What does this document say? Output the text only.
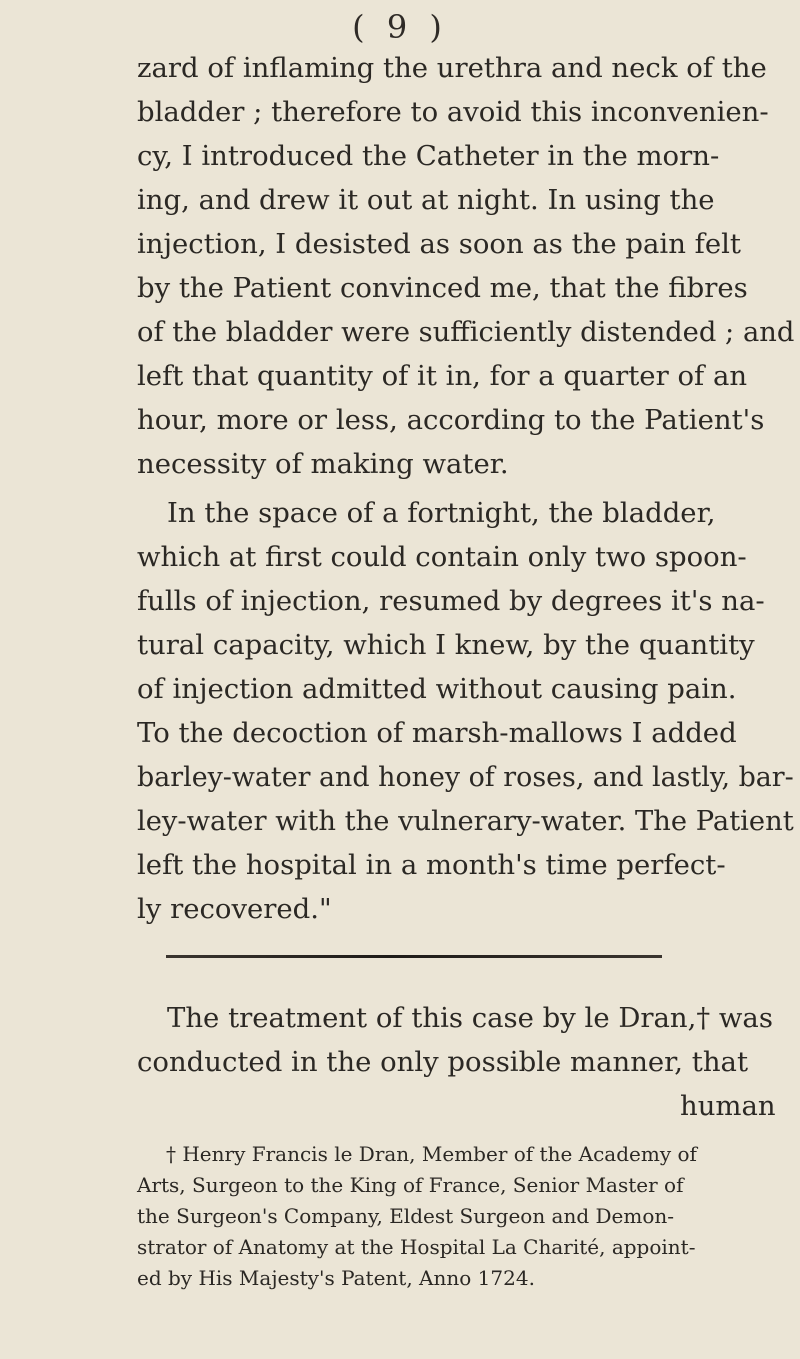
( 9 )
zard of inflaming the urethra and neck of the
bladder ; therefore to avoid this inconvenien-
cy, I introduced the Catheter in the morn-
ing, and drew it out at night. In using the
injection, I desisted as soon as the pain felt
by the Patient convinced me, that the fibres
of the bladder were sufficiently distended ; and
left that quantity of it in, for a quarter of an
hour, more or less, according to the Patient's
necessity of making water.
In the space of a fortnight, the bladder,
which at first could contain only two spoon-
fulls of injection, resumed by degrees it's na-
tural capacity, which I knew, by the quantity
of injection admitted without causing pain.
To the decoction of marsh-mallows I added
barley-water and honey of roses, and lastly, bar-
ley-water with the vulnerary-water. The Patient
left the hospital in a month's time perfect-
ly recovered."
The treatment of this case by le Dran,† was
conducted in the only possible manner, that
human
† Henry Francis le Dran, Member of the Academy of
Arts, Surgeon to the King of France, Senior Master of
the Surgeon's Company, Eldest Surgeon and Demon-
strator of Anatomy at the Hospital La Charité, appoint-
ed by His Majesty's Patent, Anno 1724.
